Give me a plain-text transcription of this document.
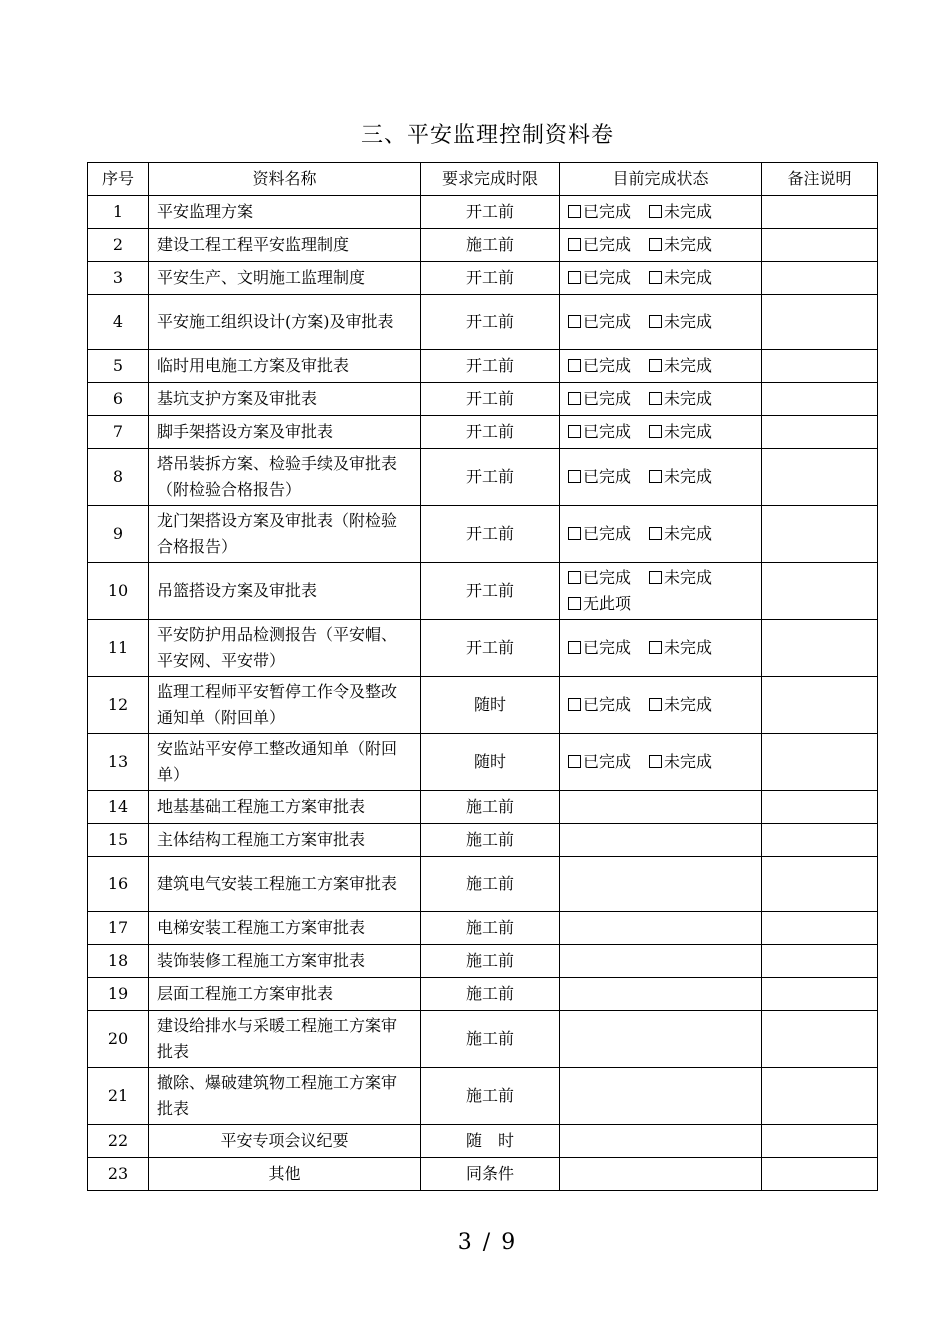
三、平安监理控制资料卷
序号	资料名称	要求完成时限	目前完成状态	备注说明
1	平安监理方案	开工前	已完成 未完成	

2	建设工程工程平安监理制度	施工前	已完成 未完成	

3	平安生产、文明施工监理制度	开工前	已完成 未完成	

4	平安施工组织设计(方案)及审批表	开工前	已完成 未完成	

5	临时用电施工方案及审批表	开工前	已完成 未完成	

6	基坑支护方案及审批表	开工前	已完成 未完成	

7	脚手架搭设方案及审批表	开工前	已完成 未完成	

8	塔吊装拆方案、检验手续及审批表（附检验合格报告）	开工前	已完成 未完成	

9	龙门架搭设方案及审批表（附检验合格报告）	开工前	已完成 未完成	

10	吊篮搭设方案及审批表	开工前	已完成 未完成
无此项	

11	平安防护用品检测报告（平安帽、平安网、平安带）	开工前	已完成 未完成	

12	监理工程师平安暂停工作令及整改通知单（附回单）	随时	已完成 未完成	

13	安监站平安停工整改通知单（附回单）	随时	已完成 未完成	

14	地基基础工程施工方案审批表	施工前		
15	主体结构工程施工方案审批表	施工前		
16	建筑电气安装工程施工方案审批表	施工前		
17	电梯安装工程施工方案审批表	施工前		
18	装饰装修工程施工方案审批表	施工前		
19	层面工程施工方案审批表	施工前		
20	建设给排水与采暖工程施工方案审批表	施工前		
21	撤除、爆破建筑物工程施工方案审批表	施工前		
22	平安专项会议纪要	随　时		
23	其他	同条件		
3 / 9
